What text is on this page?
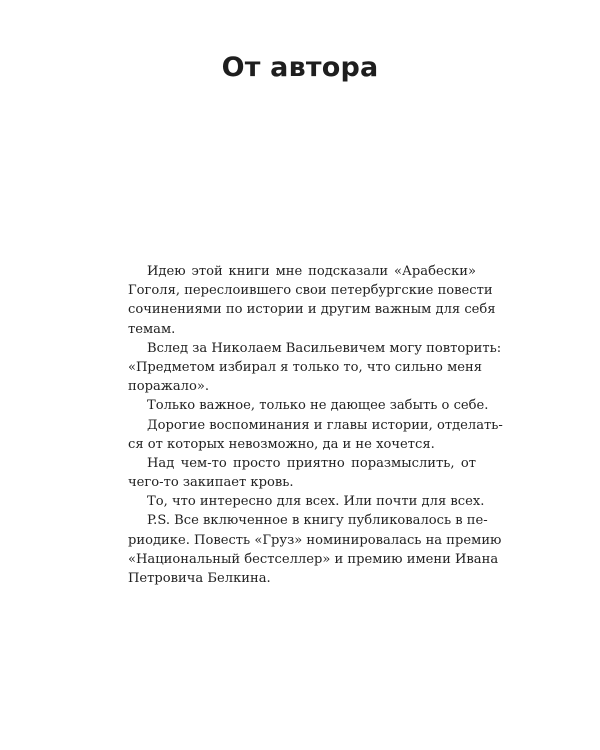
От автора
Идею этой книги мне подсказали «Арабески»
Гоголя, переслоившего свои петербургские повести
сочинениями по истории и другим важным для себя
темам.
Вслед за Николаем Васильевичем могу повторить:
«Предметом избирал я только то, что сильно меня
поражало».
Только важное, только не дающее забыть о себе.
Дорогие воспоминания и главы истории, отделать-
ся от которых невозможно, да и не хочется.
Над чем-то просто приятно поразмыслить, от
чего-то закипает кровь.
То, что интересно для всех. Или почти для всех.
P.S. Все включенное в книгу публиковалось в пе-
риодике. Повесть «Груз» номинировалась на премию
«Национальный бестселлер» и премию имени Ивана
Петровича Белкина.
